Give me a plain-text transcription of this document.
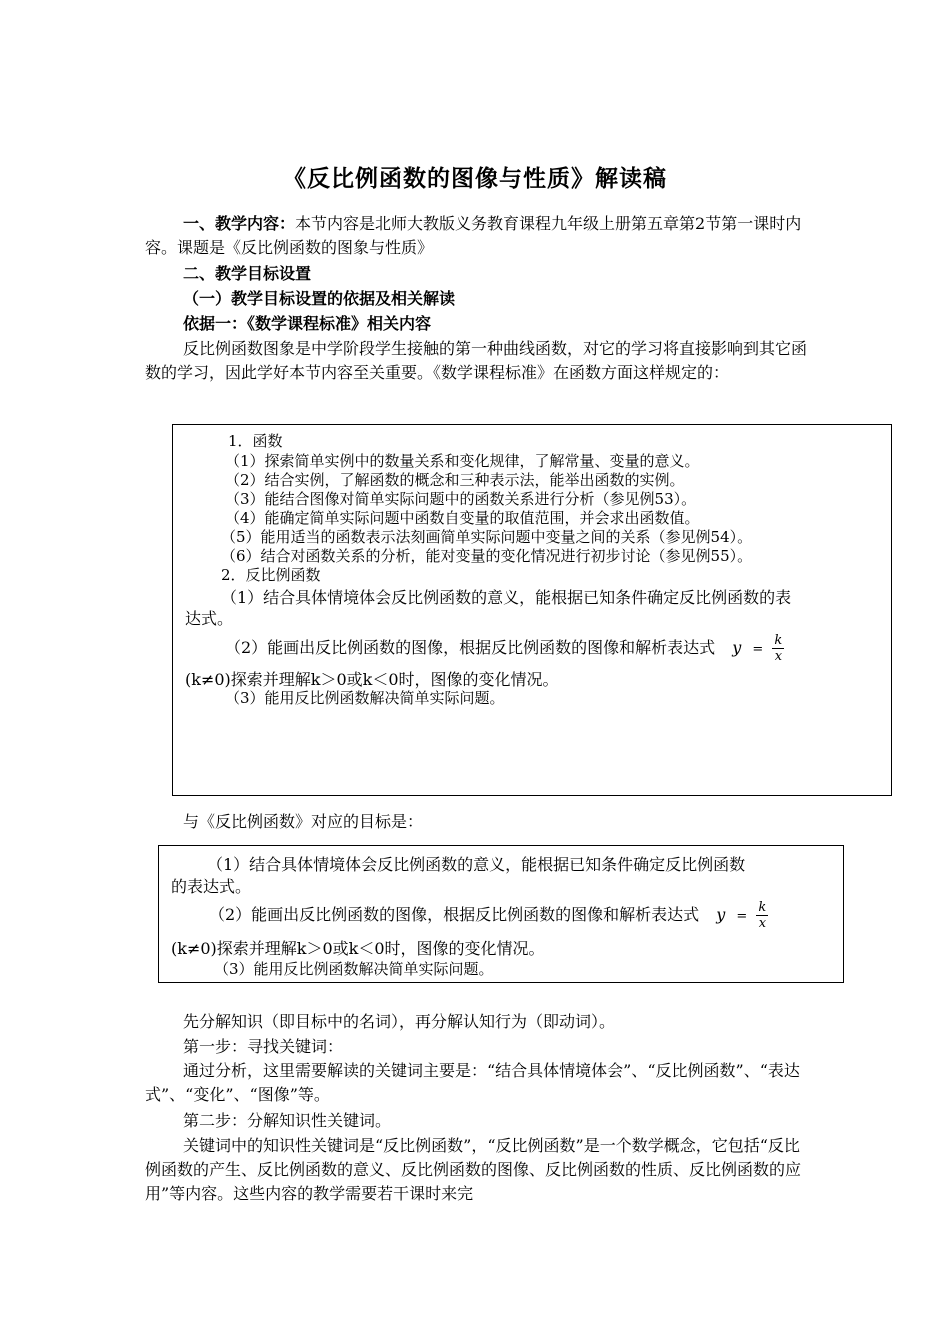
《反比例函数的图像与性质》解读稿

一、教学内容：本节内容是北师大教版义务教育课程九年级上册第五章第2节第一课时内容。课题是《反比例函数的图象与性质》

二、教学目标设置

（一）教学目标设置的依据及相关解读

依据一：《数学课程标准》相关内容

反比例函数图象是中学阶段学生接触的第一种曲线函数，对它的学习将直接影响到其它函数的学习，因此学好本节内容至关重要。《数学课程标准》在函数方面这样规定的：

1．函数

（1）探索简单实例中的数量关系和变化规律，了解常量、变量的意义。

（2）结合实例，了解函数的概念和三种表示法，能举出函数的实例。

（3）能结合图像对简单实际问题中的函数关系进行分析（参见例53）。

（4）能确定简单实际问题中函数自变量的取值范围，并会求出函数值。

（5）能用适当的函数表示法刻画简单实际问题中变量之间的关系（参见例54）。

（6）结合对函数关系的分析，能对变量的变化情况进行初步讨论（参见例55）。

2．反比例函数

（1）结合具体情境体会反比例函数的意义，能根据已知条件确定反比例函数的表

达式。

（2）能画出反比例函数的图像，根据反比例函数的图像和解析表达式 $y = \frac{k}{x}$

(k≠0)探索并理解k＞0或k＜0时，图像的变化情况。

（3）能用反比例函数解决简单实际问题。

与《反比例函数》对应的目标是：

（1）结合具体情境体会反比例函数的意义，能根据已知条件确定反比例函数

的表达式。

（2）能画出反比例函数的图像，根据反比例函数的图像和解析表达式 $y = \frac{k}{x}$

(k≠0)探索并理解k＞0或k＜0时，图像的变化情况。

（3）能用反比例函数解决简单实际问题。

先分解知识（即目标中的名词），再分解认知行为（即动词）。

第一步：寻找关键词：

通过分析，这里需要解读的关键词主要是：“结合具体情境体会”、“反比例函数”、“表达式”、“变化”、“图像”等。

第二步：分解知识性关键词。

关键词中的知识性关键词是“反比例函数”，“反比例函数”是一个数学概念，它包括“反比例函数的产生、反比例函数的意义、反比例函数的图像、反比例函数的性质、反比例函数的应用”等内容。这些内容的教学需要若干课时来完
